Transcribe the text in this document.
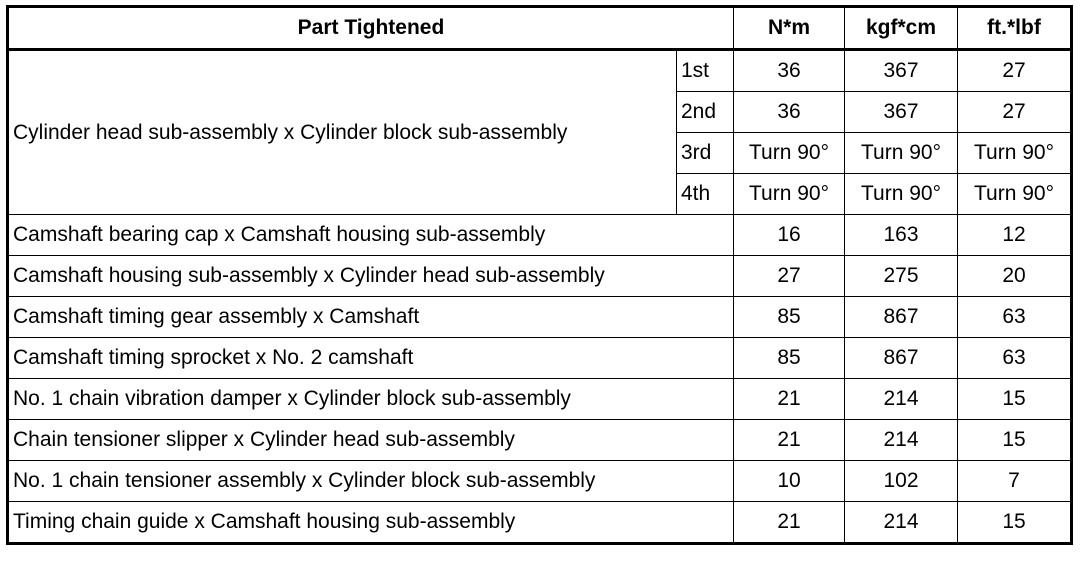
Part Tightened		N*m	kgf*cm	ft.*lbf
Cylinder head sub-assembly x Cylinder block sub-assembly	1st	36	367	27
	2nd	36	367	27
	3rd	Turn 90°	Turn 90°	Turn 90°
	4th	Turn 90°	Turn 90°	Turn 90°
Camshaft bearing cap x Camshaft housing sub-assembly		16	163	12
Camshaft housing sub-assembly x Cylinder head sub-assembly		27	275	20
Camshaft timing gear assembly x Camshaft		85	867	63
Camshaft timing sprocket x No. 2 camshaft		85	867	63
No. 1 chain vibration damper x Cylinder block sub-assembly		21	214	15
Chain tensioner slipper x Cylinder head sub-assembly		21	214	15
No. 1 chain tensioner assembly x Cylinder block sub-assembly		10	102	7
Timing chain guide x Camshaft housing sub-assembly		21	214	15
